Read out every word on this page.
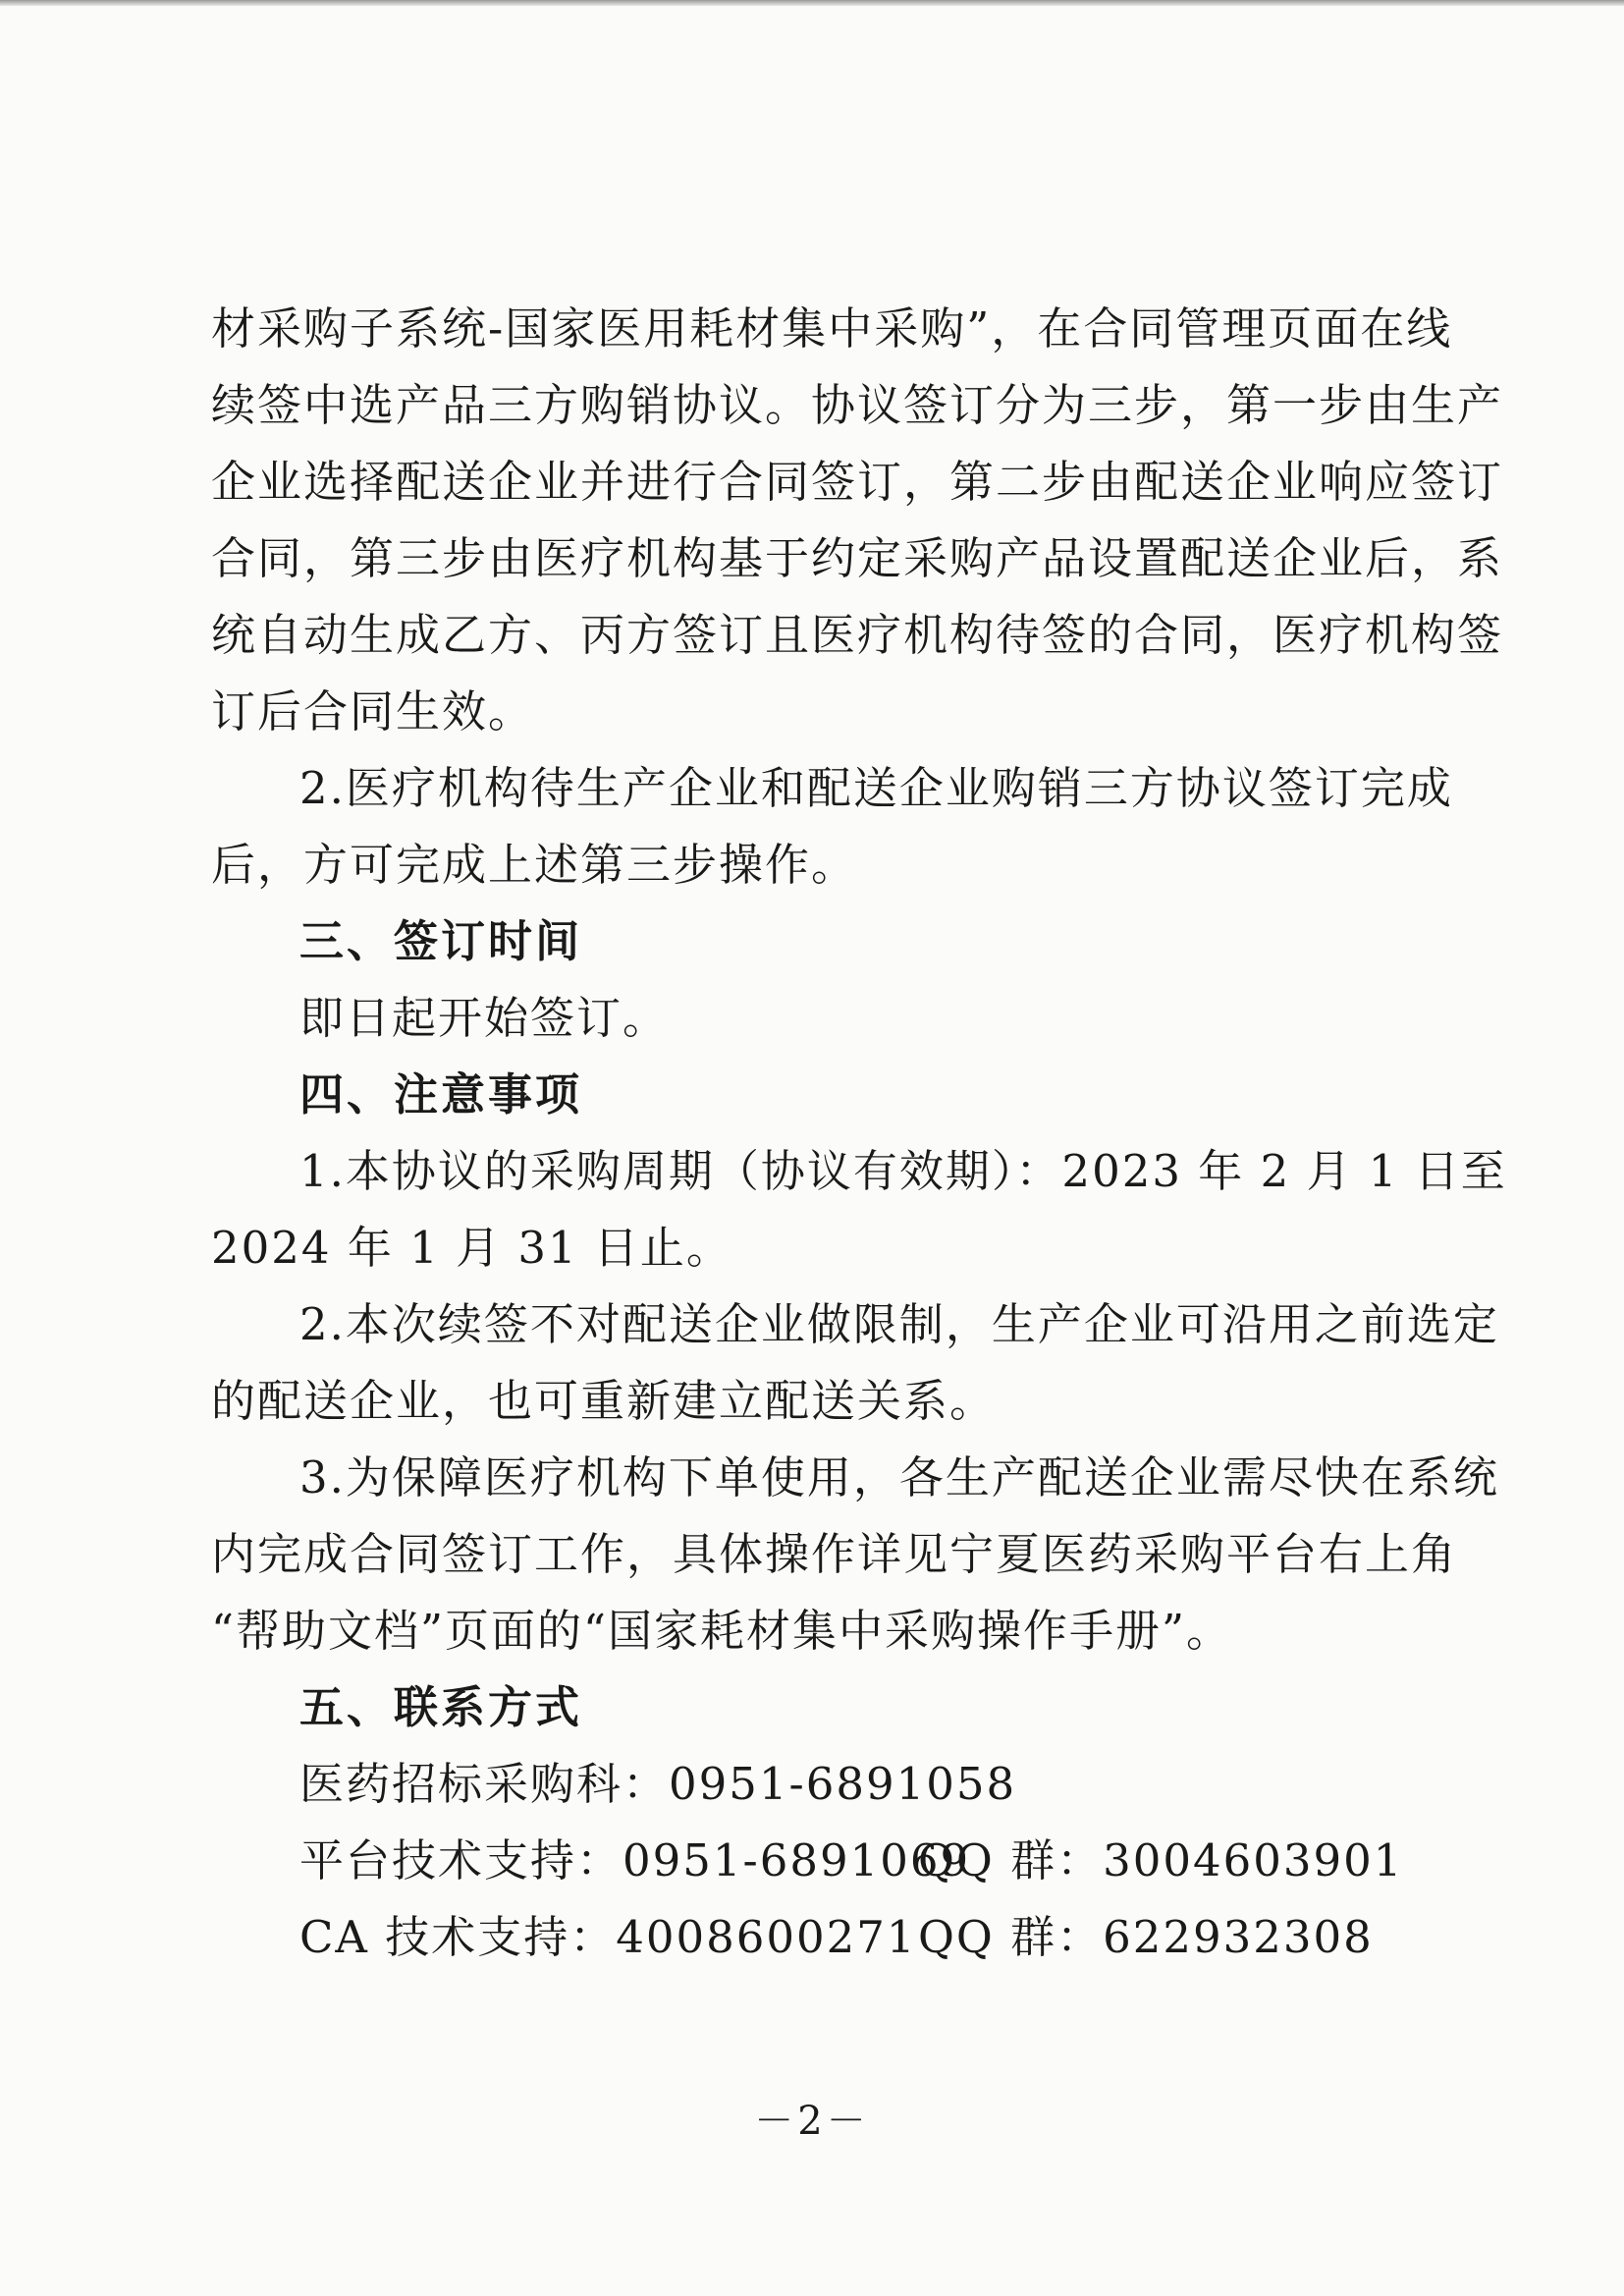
材采购子系统-国家医用耗材集中采购”，在合同管理页面在线
续签中选产品三方购销协议。协议签订分为三步，第一步由生产
企业选择配送企业并进行合同签订，第二步由配送企业响应签订
合同，第三步由医疗机构基于约定采购产品设置配送企业后，系
统自动生成乙方、丙方签订且医疗机构待签的合同，医疗机构签
订后合同生效。
2.医疗机构待生产企业和配送企业购销三方协议签订完成
后，方可完成上述第三步操作。
三、签订时间
即日起开始签订。
四、注意事项
1.本协议的采购周期（协议有效期）：2023 年 2 月 1 日至
2024 年 1 月 31 日止。
2.本次续签不对配送企业做限制，生产企业可沿用之前选定
的配送企业，也可重新建立配送关系。
3.为保障医疗机构下单使用，各生产配送企业需尽快在系统
内完成合同签订工作，具体操作详见宁夏医药采购平台右上角
“帮助文档”页面的“国家耗材集中采购操作手册”。
五、联系方式
医药招标采购科：0951-6891058
平台技术支持：0951-6891069
QQ 群：3004603901
CA 技术支持：4008600271 QQ 群：622932308
－2－
